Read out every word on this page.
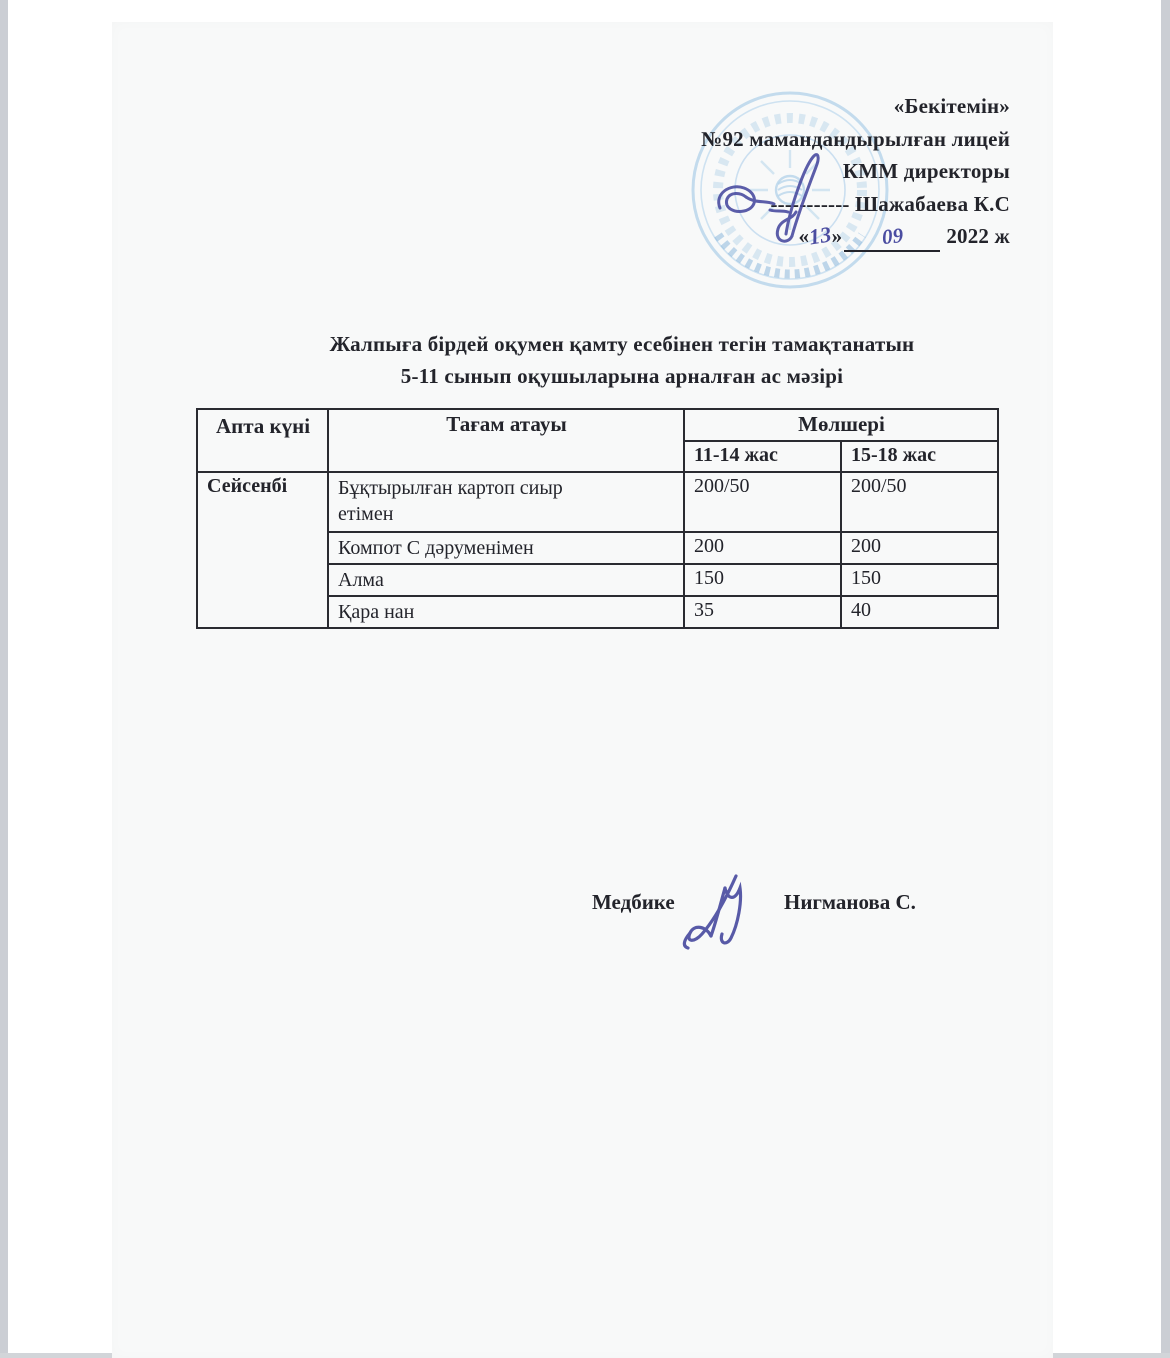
«Бекітемін»
№92 мамандандырылған лицей
КММ директоры
----------- Шажабаева К.С
«13» 09 2022 ж
Жалпыға бірдей оқумен қамту есебінен тегін тамақтанатын
5-11 сынып оқушыларына арналған ас мәзірі
Апта күні	Тағам атауы	Мөлшері	
		11-14 жас	15-18 жас
Сейсенбі	Бұқтырылған картоп сиыр етімен	200/50	200/50
	Компот С дәруменімен	200	200
	Алма	150	150
	Қара нан	35	40
Медбике	Нигманова С.
